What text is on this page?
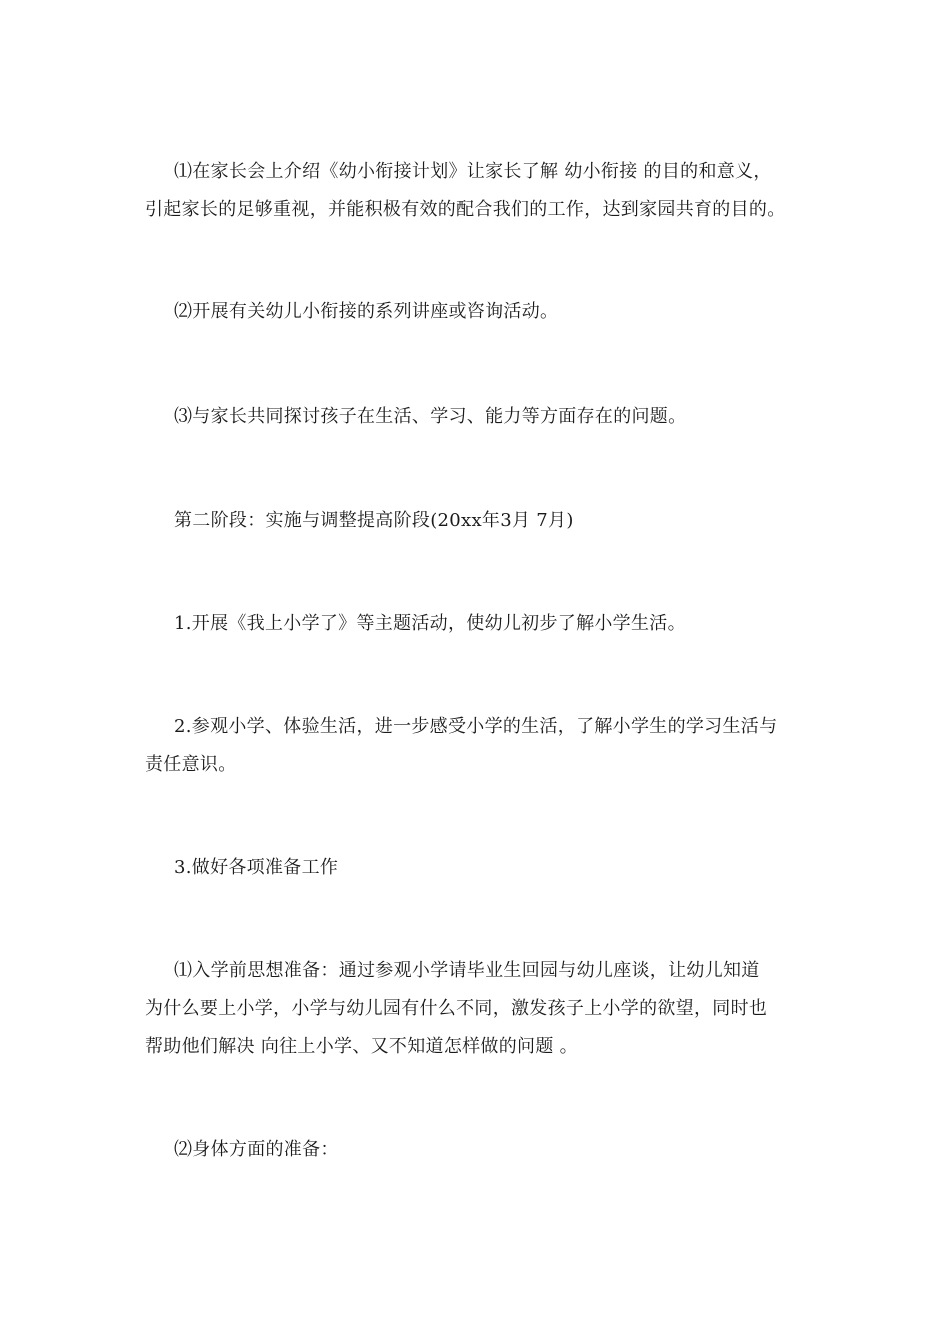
⑴在家长会上介绍《幼小衔接计划》让家长了解 幼小衔接 的目的和意义，
引起家长的足够重视，并能积极有效的配合我们的工作，达到家园共育的目的。
⑵开展有关幼儿小衔接的系列讲座或咨询活动。
⑶与家长共同探讨孩子在生活、学习、能力等方面存在的问题。
第二阶段：实施与调整提高阶段(20xx年3月 7月)
1.开展《我上小学了》等主题活动，使幼儿初步了解小学生活。
2.参观小学、体验生活，进一步感受小学的生活，了解小学生的学习生活与
责任意识。
3.做好各项准备工作
⑴入学前思想准备：通过参观小学请毕业生回园与幼儿座谈，让幼儿知道
为什么要上小学，小学与幼儿园有什么不同，激发孩子上小学的欲望，同时也
帮助他们解决 向往上小学、又不知道怎样做的问题 。
⑵身体方面的准备：
